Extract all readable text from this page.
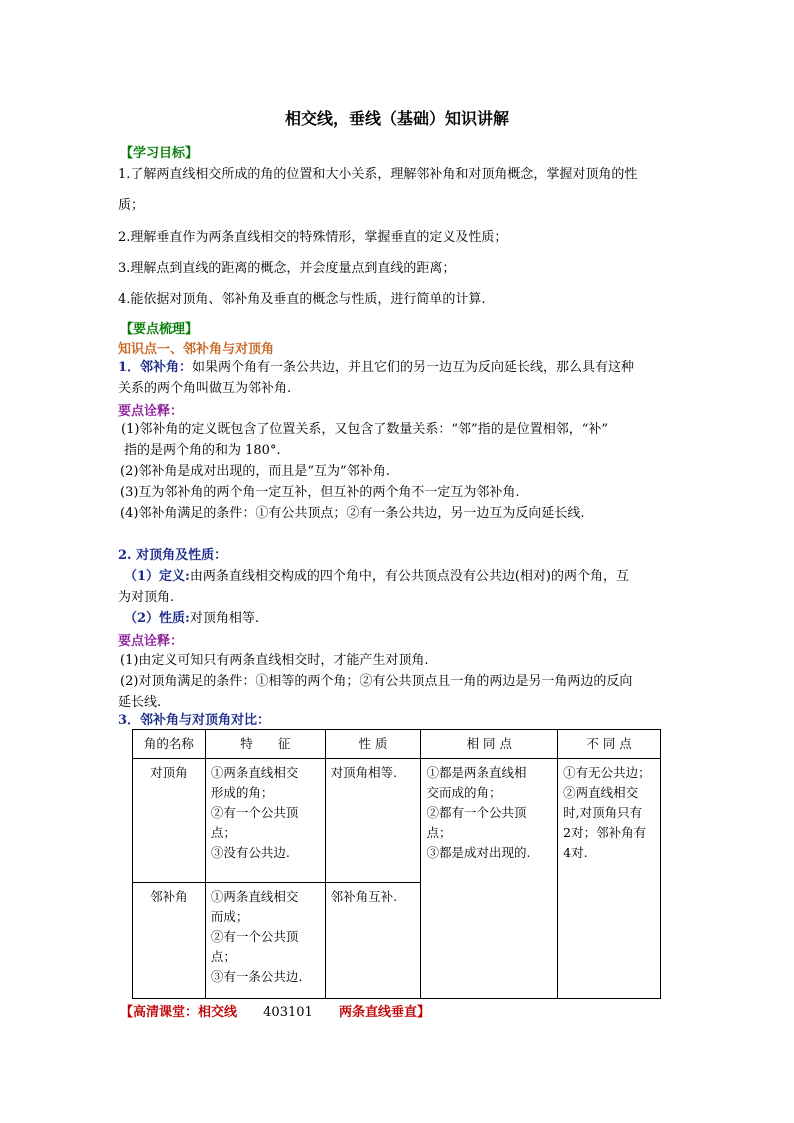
相交线，垂线（基础）知识讲解
【学习目标】
1.了解两直线相交所成的角的位置和大小关系，理解邻补角和对顶角概念，掌握对顶角的性
质；
2.理解垂直作为两条直线相交的特殊情形，掌握垂直的定义及性质；
3.理解点到直线的距离的概念，并会度量点到直线的距离；
4.能依据对顶角、邻补角及垂直的概念与性质，进行简单的计算.
【要点梳理】
知识点一、邻补角与对顶角
1．邻补角：如果两个角有一条公共边，并且它们的另一边互为反向延长线，那么具有这种
关系的两个角叫做互为邻补角.
要点诠释：
(1)邻补角的定义既包含了位置关系，又包含了数量关系：“邻”指的是位置相邻，“补”
指的是两个角的和为 180°.
(2)邻补角是成对出现的，而且是“互为”邻补角.
(3)互为邻补角的两个角一定互补，但互补的两个角不一定互为邻补角.
(4)邻补角满足的条件：①有公共顶点；②有一条公共边，另一边互为反向延长线.
2. 对顶角及性质：
（1）定义:由两条直线相交构成的四个角中，有公共顶点没有公共边(相对)的两个角，互
为对顶角.
（2）性质:对顶角相等.
要点诠释：
(1)由定义可知只有两条直线相交时，才能产生对顶角.
(2)对顶角满足的条件：①相等的两个角；②有公共顶点且一角的两边是另一角两边的反向
延长线.
3．邻补角与对顶角对比：
角的名称	特　　征	性 质	相 同 点	不 同 点
对顶角	①两条直线相交
形成的角；
②有一个公共顶
点；
③没有公共边.	对顶角相等.	①都是两条直线相
交而成的角；
②都有一个公共顶
点；
③都是成对出现的.	①有无公共边；
②两直线相交
时,对顶角只有
2对；邻补角有
4对.

邻补角	①两条直线相交
而成；
②有一个公共顶
点；
③有一条公共边.	邻补角互补.		
【高清课堂：相交线 403101 两条直线垂直】
